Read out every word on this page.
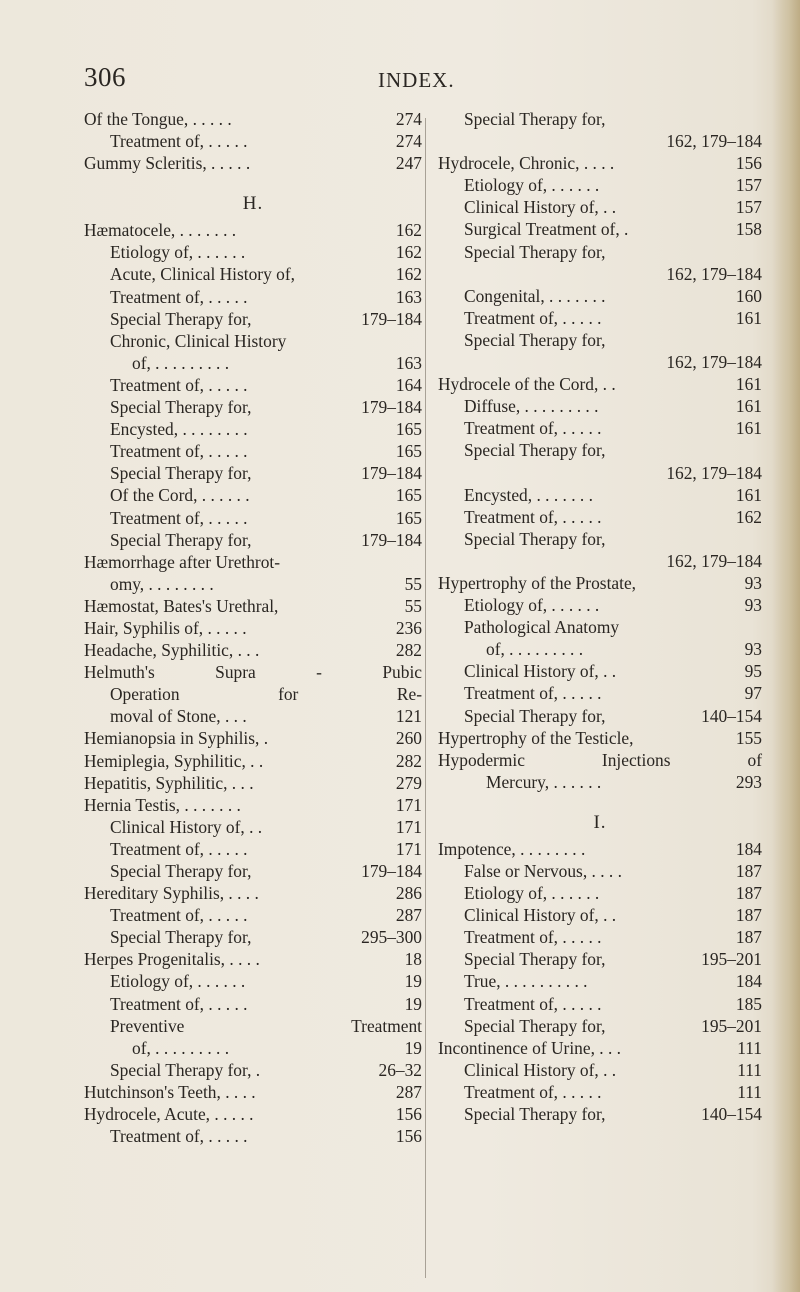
306	INDEX.
Of the Tongue, . . . . .	274
Treatment of, . . . . .	274
Gummy Scleritis, . . . . .	247
H.
Hæmatocele, . . . . . . .	162
Etiology of, . . . . . .	162
Acute, Clinical History of,	162
Treatment of, . . . . .	163
Special Therapy for,	179–184
Chronic, Clinical History
of, . . . . . . . . .	163
Treatment of, . . . . .	164
Special Therapy for,	179–184
Encysted, . . . . . . . .	165
Treatment of, . . . . .	165
Special Therapy for,	179–184
Of the Cord, . . . . . .	165
Treatment of, . . . . .	165
Special Therapy for,	179–184
Hæmorrhage after Urethrot-
omy, . . . . . . . .	55
Hæmostat, Bates's Urethral,	55
Hair, Syphilis of, . . . . .	236
Headache, Syphilitic, . . .	282
Helmuth's Supra - Pubic
Operation for Re-
moval of Stone, . . .	121
Hemianopsia in Syphilis, .	260
Hemiplegia, Syphilitic, . .	282
Hepatitis, Syphilitic, . . .	279
Hernia Testis, . . . . . . .	171
Clinical History of, . .	171
Treatment of, . . . . .	171
Special Therapy for,	179–184
Hereditary Syphilis, . . . .	286
Treatment of, . . . . .	287
Special Therapy for,	295–300
Herpes Progenitalis, . . . .	18
Etiology of, . . . . . .	19
Treatment of, . . . . .	19
Preventive Treatment
of, . . . . . . . . .	19
Special Therapy for, .	26–32
Hutchinson's Teeth, . . . .	287
Hydrocele, Acute, . . . . .	156
Treatment of, . . . . .	156
Special Therapy for,
162, 179–184
Hydrocele, Chronic, . . . .	156
Etiology of, . . . . . .	157
Clinical History of, . .	157
Surgical Treatment of, .	158
Special Therapy for,
162, 179–184
Congenital, . . . . . . .	160
Treatment of, . . . . .	161
Special Therapy for,
162, 179–184
Hydrocele of the Cord, . .	161
Diffuse, . . . . . . . . .	161
Treatment of, . . . . .	161
Special Therapy for,
162, 179–184
Encysted, . . . . . . .	161
Treatment of, . . . . .	162
Special Therapy for,
162, 179–184
Hypertrophy of the Prostate,	93
Etiology of, . . . . . .	93
Pathological Anatomy
of, . . . . . . . . .	93
Clinical History of, . .	95
Treatment of, . . . . .	97
Special Therapy for,	140–154
Hypertrophy of the Testicle,	155
Hypodermic Injections of
Mercury, . . . . . .	293
I.
Impotence, . . . . . . . .	184
False or Nervous, . . . .	187
Etiology of, . . . . . .	187
Clinical History of, . .	187
Treatment of, . . . . .	187
Special Therapy for,	195–201
True, . . . . . . . . . .	184
Treatment of, . . . . .	185
Special Therapy for,	195–201
Incontinence of Urine, . . .	111
Clinical History of, . .	111
Treatment of, . . . . .	111
Special Therapy for,	140–154
